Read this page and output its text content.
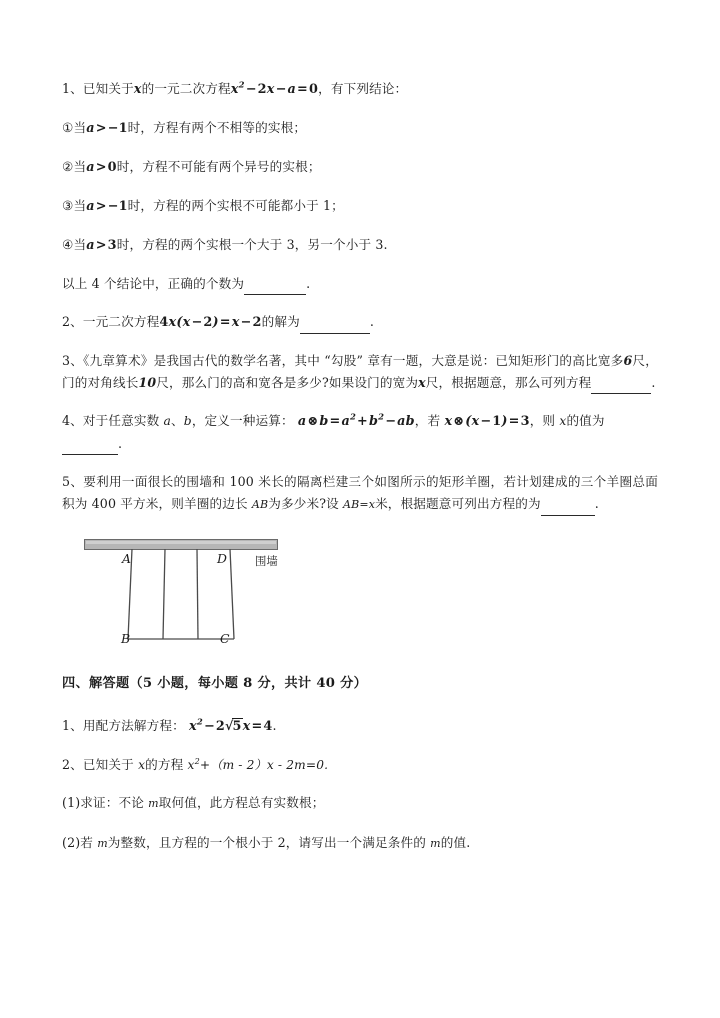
1、已知关于x的一元二次方程$x^2-2x-a=0$，有下列结论：

①当a>−1时，方程有两个不相等的实根；

②当a>0时，方程不可能有两个异号的实根；

③当a>−1时，方程的两个实根不可能都小于 1；

④当a>3时，方程的两个实根一个大于 3，另一个小于 3.

以上 4 个结论中，正确的个数为	.

2、一元二次方程4x(x−2)=x−2的解为	.

3、《九章算术》是我国古代的数学名著，其中 “勾股” 章有一题，大意是说：已知矩形门的高比宽多6尺，门的对角线长10尺，那么门的高和宽各是多少?如果设门的宽为x尺，根据题意，那么可列方程	.

4、对于任意实数 a、b，定义一种运算： $a\otimes b=a^2+b^2-ab$，若 x⊗(x−1)=3，则 x的值为
.

5、要利用一面很长的围墙和 100 米长的隔离栏建三个如图所示的矩形羊圈，若计划建成的三个羊圈总面积为 400 平方米，则羊圈的边长 AB为多少米?设 AB=x米，根据题意可列出方程的为	.

A	D
B	C
围墙

四、解答题（5 小题，每小题 8 分，共计 40 分）

1、用配方法解方程： $x^2-2√5x=4$.

2、已知关于 x的方程 $x^2+(m - 2)x - 2m=0$.

(1)求证：不论 m取何值，此方程总有实数根；

(2)若 m为整数，且方程的一个根小于 2，请写出一个满足条件的 m的值.
